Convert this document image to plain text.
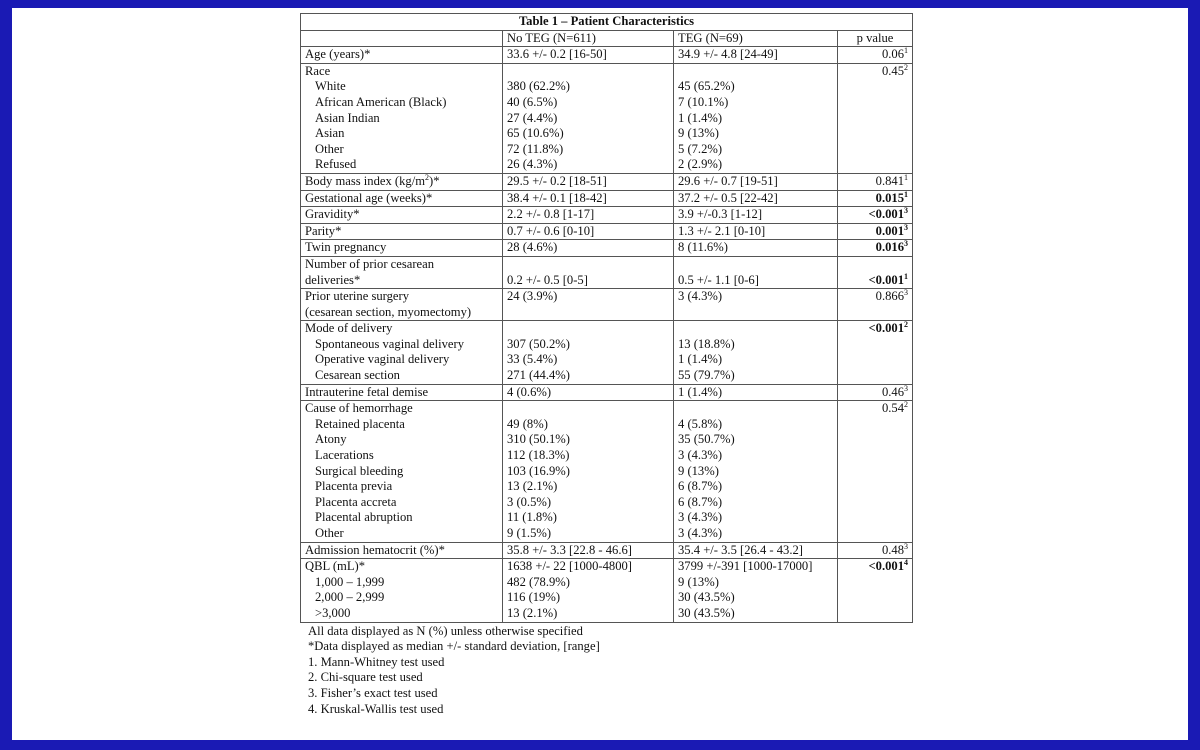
Table 1 – Patient Characteristics			
	No TEG (N=611)	TEG (N=69)	p value
Age (years)*	33.6 +/- 0.2 [16-50]	34.9 +/- 4.8 [24-49]	0.06$^1$
Race			0.45$^2$
White	380 (62.2%)	45 (65.2%)	
African American (Black)	40 (6.5%)	7 (10.1%)	
Asian Indian	27 (4.4%)	1 (1.4%)	
Asian	65 (10.6%)	9 (13%)	
Other	72 (11.8%)	5 (7.2%)	
Refused	26 (4.3%)	2 (2.9%)	
Body mass index $(kg/m^2)*$	29.5 +/- 0.2 [18-51]	29.6 +/- 0.7 [19-51]	0.841$^1$
Gestational age (weeks)*	38.4 +/- 0.1 [18-42]	37.2 +/- 0.5 [22-42]	0.015$^1$
Gravidity*	2.2 +/- 0.8 [1-17]	3.9 +/-0.3 [1-12]	$<0.001^3$
Parity*	0.7 +/- 0.6 [0-10]	1.3 +/- 2.1 [0-10]	0.001$^3$
Twin pregnancy	28 (4.6%)	8 (11.6%)	0.016$^3$
Number of prior cesarean			
deliveries*	0.2 +/- 0.5 [0-5]	0.5 +/- 1.1 [0-6]	$<0.001^1$
Prior uterine surgery	24 (3.9%)	3 (4.3%)	0.866$^3$
(cesarean section, myomectomy)			
Mode of delivery			$<0.001^2$
Spontaneous vaginal delivery	307 (50.2%)	13 (18.8%)	
Operative vaginal delivery	33 (5.4%)	1 (1.4%)	
Cesarean section	271 (44.4%)	55 (79.7%)	
Intrauterine fetal demise	4 (0.6%)	1 (1.4%)	0.46$^3$
Cause of hemorrhage			0.54$^2$

Retained placenta	49 (8%)	4 (5.8%)	
Atony	310 (50.1%)	35 (50.7%)	
Lacerations	112 (18.3%)	3 (4.3%)	
Surgical bleeding	103 (16.9%)	9 (13%)	
Placenta previa	13 (2.1%)	6 (8.7%)	
Placenta accreta	3 (0.5%)	6 (8.7%)	
Placental abruption	11 (1.8%)	3 (4.3%)	
Other	9 (1.5%)	3 (4.3%)	
Admission hematocrit (%)*	35.8 +/- 3.3 [22.8 - 46.6]	35.4 +/- 3.5 [26.4 - 43.2]	0.48$^3$
QBL (mL)*	1638 +/- 22 [1000-4800]	3799 +/-391 [1000-17000]	$<0.001^4$
1,000 – 1,999	482 (78.9%)	9 (13%)	
2,000 – 2,999	116 (19%)	30 (43.5%)	
>3,000	13 (2.1%)	30 (43.5%)	
All data displayed as N (%) unless otherwise specified
*Data displayed as median +/- standard deviation, [range]
1. Mann-Whitney test used
2. Chi-square test used
3. Fisher’s exact test used
4. Kruskal-Wallis test used
